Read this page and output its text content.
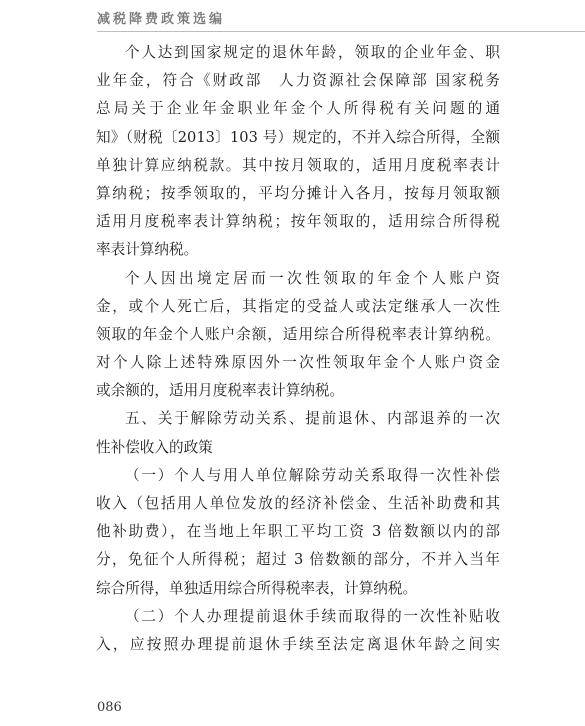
减税降费政策选编
个人达到国家规定的退休年龄，领取的企业年金、职
业年金，符合《财政部　人力资源社会保障部 国家税务
总局关于企业年金职业年金个人所得税有关问题的通
知》（财税〔2013〕103 号）规定的，不并入综合所得，全额
单独计算应纳税款。其中按月领取的，适用月度税率表计
算纳税；按季领取的，平均分摊计入各月，按每月领取额
适用月度税率表计算纳税；按年领取的，适用综合所得税
率表计算纳税。
个人因出境定居而一次性领取的年金个人账户资
金，或个人死亡后，其指定的受益人或法定继承人一次性
领取的年金个人账户余额，适用综合所得税率表计算纳税。
对个人除上述特殊原因外一次性领取年金个人账户资金
或余额的，适用月度税率表计算纳税。
五、关于解除劳动关系、提前退休、内部退养的一次
性补偿收入的政策
（一）个人与用人单位解除劳动关系取得一次性补偿
收入（包括用人单位发放的经济补偿金、生活补助费和其
他补助费），在当地上年职工平均工资 3 倍数额以内的部
分，免征个人所得税；超过 3 倍数额的部分，不并入当年
综合所得，单独适用综合所得税率表，计算纳税。
（二）个人办理提前退休手续而取得的一次性补贴收
入，应按照办理提前退休手续至法定离退休年龄之间实
086
